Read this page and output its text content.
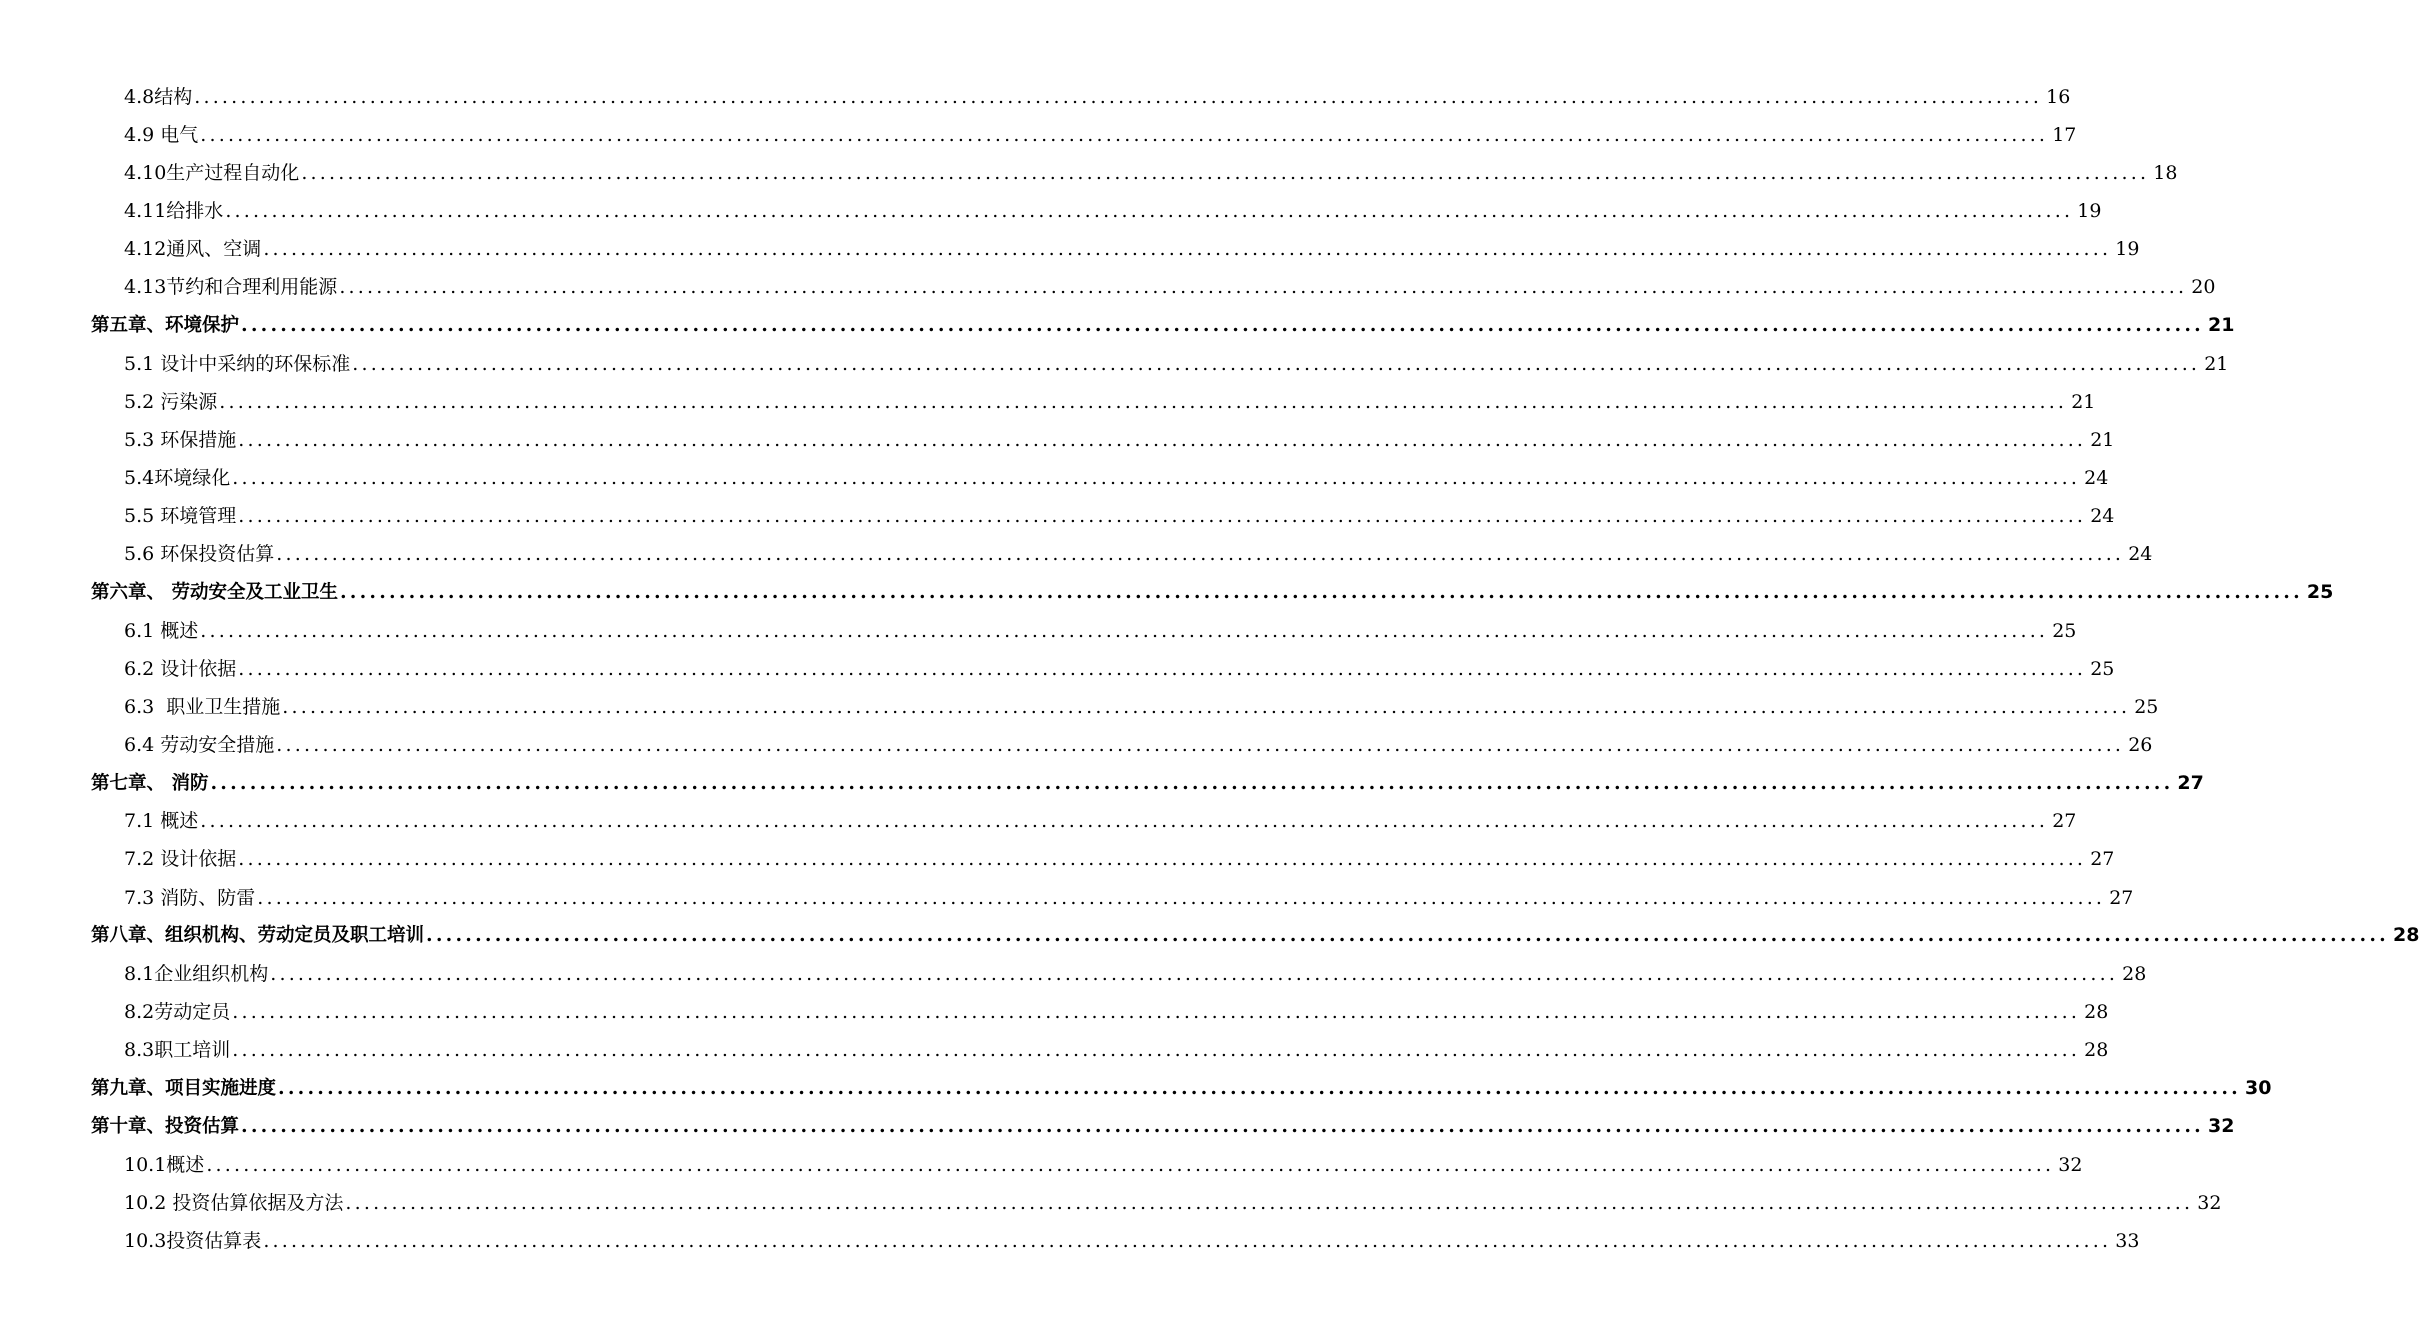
4.8结构 ........................................................................................................................................................................................................ 16
4.9 电气 ........................................................................................................................................................................................................ 17
4.10生产过程自动化 ........................................................................................................................................................................................................ 18
4.11给排水 ........................................................................................................................................................................................................ 19
4.12通风、空调 ........................................................................................................................................................................................................ 19
4.13节约和合理利用能源 ........................................................................................................................................................................................................ 20
第五章、环境保护 ........................................................................................................................................................................................................ 21
5.1 设计中采纳的环保标准 ........................................................................................................................................................................................................ 21
5.2 污染源 ........................................................................................................................................................................................................ 21
5.3 环保措施 ........................................................................................................................................................................................................ 21
5.4环境绿化 ........................................................................................................................................................................................................ 24
5.5 环境管理 ........................................................................................................................................................................................................ 24
5.6 环保投资估算 ........................................................................................................................................................................................................ 24
第六章、 劳动安全及工业卫生 ........................................................................................................................................................................................................ 25
6.1 概述 ........................................................................................................................................................................................................ 25
6.2 设计依据 ........................................................................................................................................................................................................ 25
6.3  职业卫生措施 ........................................................................................................................................................................................................ 25
6.4 劳动安全措施 ........................................................................................................................................................................................................ 26
第七章、 消防 ........................................................................................................................................................................................................ 27
7.1 概述 ........................................................................................................................................................................................................ 27
7.2 设计依据 ........................................................................................................................................................................................................ 27
7.3 消防、防雷 ........................................................................................................................................................................................................ 27
第八章、组织机构、劳动定员及职工培训 ........................................................................................................................................................................................................ 28
8.1企业组织机构 ........................................................................................................................................................................................................ 28
8.2劳动定员 ........................................................................................................................................................................................................ 28
8.3职工培训 ........................................................................................................................................................................................................ 28
第九章、项目实施进度 ........................................................................................................................................................................................................ 30
第十章、投资估算 ........................................................................................................................................................................................................ 32
10.1概述 ........................................................................................................................................................................................................ 32
10.2 投资估算依据及方法 ........................................................................................................................................................................................................ 32
10.3投资估算表 ........................................................................................................................................................................................................ 33
